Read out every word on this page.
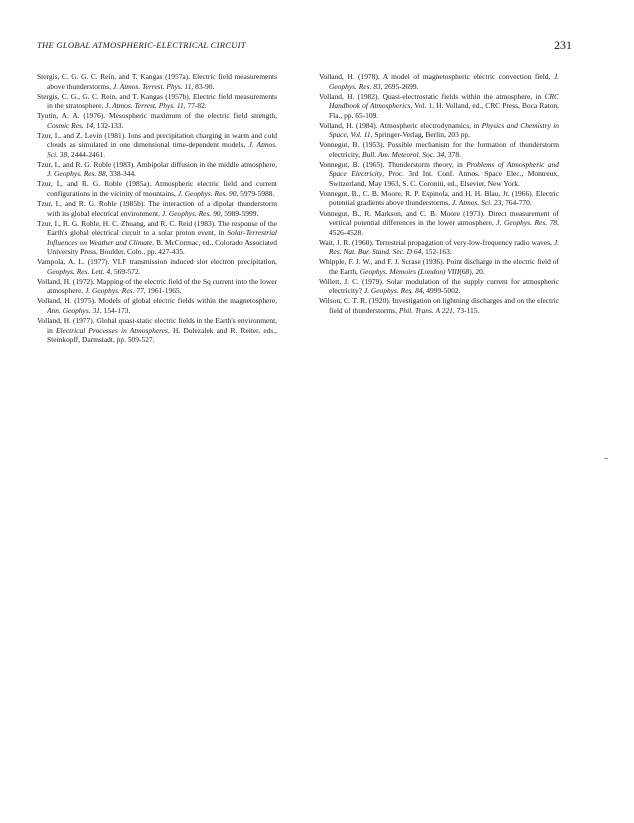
THE GLOBAL ATMOSPHERIC-ELECTRICAL CIRCUIT	231

Stergis, C. G. G. C. Rein, and T. Kangas (1957a). Electric field measurements above thunderstorms, J. Atmos. Terrest. Phys. 11, 83-90.

Stergis, C. G., G. C. Rein, and T. Kangas (1957b). Electric field measurements in the stratosphere, J. Atmos. Terrest. Phys. 11, 77-82.

Tyutin, A. A. (1976). Mesospheric maximum of the electric field strength, Cosmic Res. 14, 132-133.

Tzur, I., and Z. Levin (1981). Ions and precipitation charging in warm and cold clouds as simulated in one dimensional time-dependent models, J. Atmos. Sci. 38, 2444-2461.

Tzur, I., and R. G. Roble (1983). Ambipolar diffusion in the middle atmosphere, J. Geophys. Res. 88, 338-344.

Tzur, I., and R. G. Roble (1985a). Atmospheric electric field and current configurations in the vicinity of mountains, J. Geophys. Res. 90, 5979-5988.

Tzur, I., and R. G. Roble (1985b). The interaction of a dipolar thunderstorm with its global electrical environment, J. Geophys. Res. 90, 5989-5999.

Tzur, I., R. G. Roble, H. C. Zhuang, and R. C. Reid (1983). The response of the Earth's global electrical circuit to a solar proton event, in Solar-Terrestrial Influences on Weather and Climate, B. McCormac, ed., Colorado Associated University Press, Boulder, Colo., pp. 427-435.

Vampola, A. L. (1977). VLF transmission induced slot electron precipitation, Geophys. Res. Lett. 4, 569-572.

Volland, H. (1972). Mapping of the electric field of the Sq current into the lower atmosphere, J. Geophys. Res. 77, 1961-1965.

Volland, H. (1975). Models of global electric fields within the magnetosphere, Ann. Geophys. 31, 154-173.

Volland, H. (1977). Global quasi-static electric fields in the Earth's environment, in Electrical Processes in Atmospheres, H. Dolezalek and R. Reiter, eds., Steinkopff, Darmstadt, pp. 509-527.

Volland, H. (1978). A model of magnetospheric electric convection field, J. Geophys. Res. 83, 2695-2699.

Volland, H. (1982). Quasi-electrostatic fields within the atmosphere, in CRC Handbook of Atmospherics, Vol. 1, H. Volland, ed., CRC Press, Boca Raton, Fla., pp. 65-109.

Volland, H. (1984). Atmospheric electrodynamics, in Physics and Chemistry in Space, Vol. 11, Springer-Verlag, Berlin, 203 pp.

Vonnegut, B. (1953). Possible mechanism for the formation of thunderstorm electricity, Bull. Am. Meteorol. Soc. 34, 378.

Vonnegut, B. (1965). Thunderstorm theory, in Problems of Atmospheric and Space Electricity, Proc. 3rd Int. Conf. Atmos. Space Elec., Montreux, Switzerland, May 1963, S. C. Coroniti, ed., Elsevier, New York.

Vonnegut, B., C. B. Moore, R. P. Espinola, and H. H. Blau, Jr. (1966). Electric potential gradients above thunderstorms, J. Atmos. Sci. 23, 764-770.

Vonnegut, B., R. Markson, and C. B. Moore (1973). Direct measurement of vertical potential differences in the lower atmosphere, J. Geophys. Res. 78, 4526-4528.

Wait, J. R. (1960). Terrestrial propagation of very-low-frequency radio waves, J. Res. Nat. Bur. Stand. Sec. D 64, 152-163.

Whipple, F. J. W., and F. J. Scrase (1936). Point discharge in the electric field of the Earth, Geophys. Memoirs (London) VIII(68), 20.

Willett, J. C. (1979). Solar modulation of the supply current for atmospheric electricity? J. Geophys. Res. 84, 4999-5002.

Wilson, C. T. R. (1920). Investigation on lightning discharges and on the electric field of thunderstorms, Phil. Trans. A 221, 73-115.
